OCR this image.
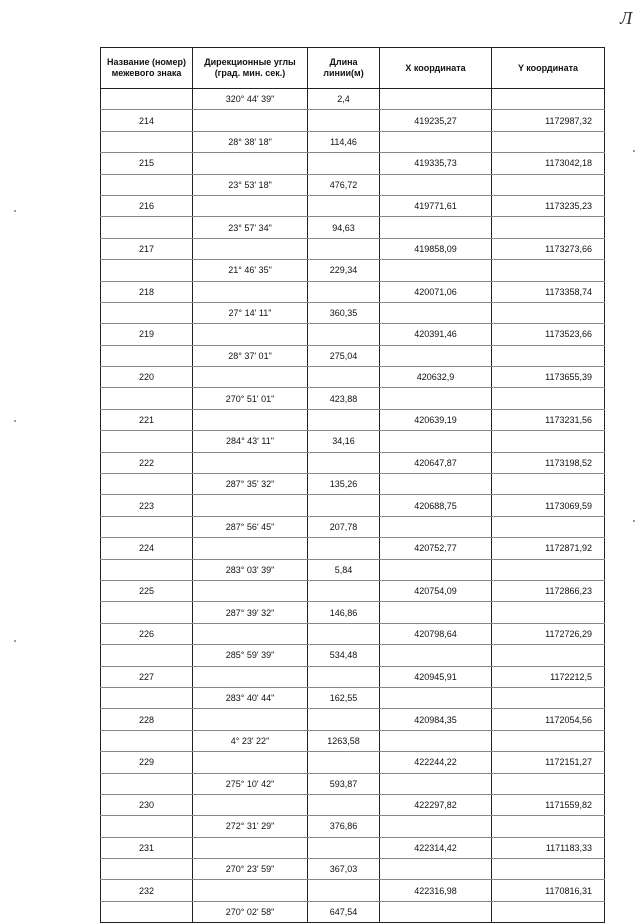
Л
Название (номер) межевого знака	Дирекционные углы (град. мин. сек.)	Длина линии(м)	X координата	Y координата
	320° 44' 39"	2,4		
214			419235,27	1172987,32
	28° 38' 18"	114,46		
215			419335,73	1173042,18
	23° 53' 18"	476,72		
216			419771,61	1173235,23
	23° 57' 34"	94,63		
217			419858,09	1173273,66
	21° 46' 35"	229,34		
218			420071,06	1173358,74
	27° 14' 11"	360,35		
219			420391,46	1173523,66
	28° 37' 01"	275,04		
220			420632,9	1173655,39
	270° 51' 01"	423,88		
221			420639,19	1173231,56
	284° 43' 11"	34,16		
222			420647,87	1173198,52
	287° 35' 32"	135,26		
223			420688,75	1173069,59
	287° 56' 45"	207,78		
224			420752,77	1172871,92
	283° 03' 39"	5,84		
225			420754,09	1172866,23
	287° 39' 32"	146,86		
226			420798,64	1172726,29
	285° 59' 39"	534,48		
227			420945,91	1172212,5
	283° 40' 44"	162,55		
228			420984,35	1172054,56
	4° 23' 22"	1263,58		
229			422244,22	1172151,27
	275° 10' 42"	593,87		
230			422297,82	1171559,82
	272° 31' 29"	376,86		
231			422314,42	1171183,33
	270° 23' 59"	367,03		
232			422316,98	1170816,31
	270° 02' 58"	647,54		
